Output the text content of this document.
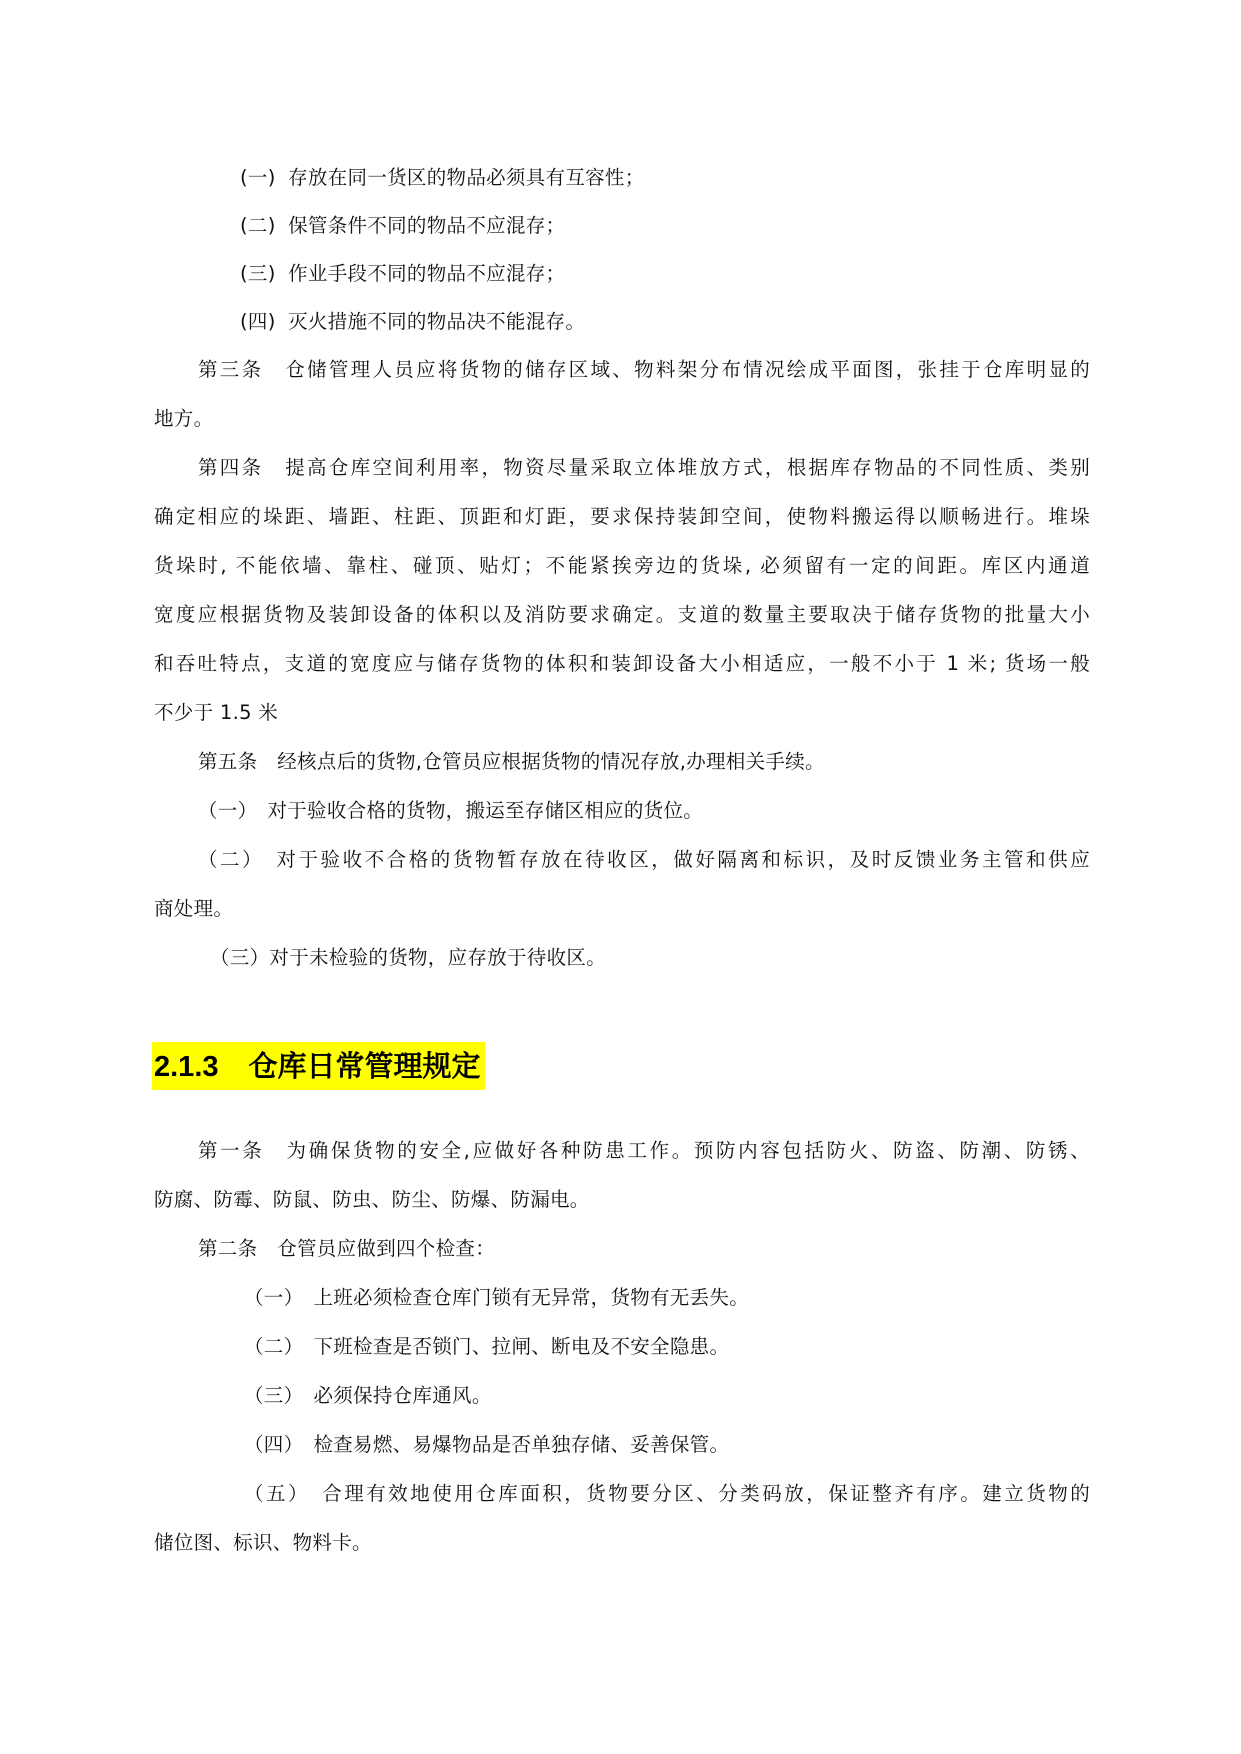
(一) 存放在同一货区的物品必须具有互容性；
(二) 保管条件不同的物品不应混存；
(三) 作业手段不同的物品不应混存；
(四) 灭火措施不同的物品决不能混存。
第三条　仓储管理人员应将货物的储存区域、物料架分布情况绘成平面图，张挂于仓库明显的
地方。
第四条　提高仓库空间利用率，物资尽量采取立体堆放方式，根据库存物品的不同性质、类别
确定相应的垛距、墙距、柱距、顶距和灯距，要求保持装卸空间，使物料搬运得以顺畅进行。堆垛
货垛时, 不能依墙、靠柱、碰顶、贴灯；不能紧挨旁边的货垛, 必须留有一定的间距。库区内通道
宽度应根据货物及装卸设备的体积以及消防要求确定。支道的数量主要取决于储存货物的批量大小
和吞吐特点，支道的宽度应与储存货物的体积和装卸设备大小相适应，一般不小于 1 米; 货场一般
不少于 1.5 米
第五条　经核点后的货物,仓管员应根据货物的情况存放,办理相关手续。
（一）　对于验收合格的货物，搬运至存储区相应的货位。
（二）　对于验收不合格的货物暂存放在待收区，做好隔离和标识，及时反馈业务主管和供应
商处理。
（三）对于未检验的货物，应存放于待收区。
2.1.3 仓库日常管理规定
第一条　为确保货物的安全,应做好各种防患工作。预防内容包括防火、防盗、防潮、防锈、
防腐、防霉、防鼠、防虫、防尘、防爆、防漏电。
第二条　仓管员应做到四个检查：
（一）　上班必须检查仓库门锁有无异常，货物有无丢失。
（二）　下班检查是否锁门、拉闸、断电及不安全隐患。
（三）　必须保持仓库通风。
（四）　检查易燃、易爆物品是否单独存储、妥善保管。
（五）　合理有效地使用仓库面积，货物要分区、分类码放，保证整齐有序。建立货物的
储位图、标识、物料卡。
